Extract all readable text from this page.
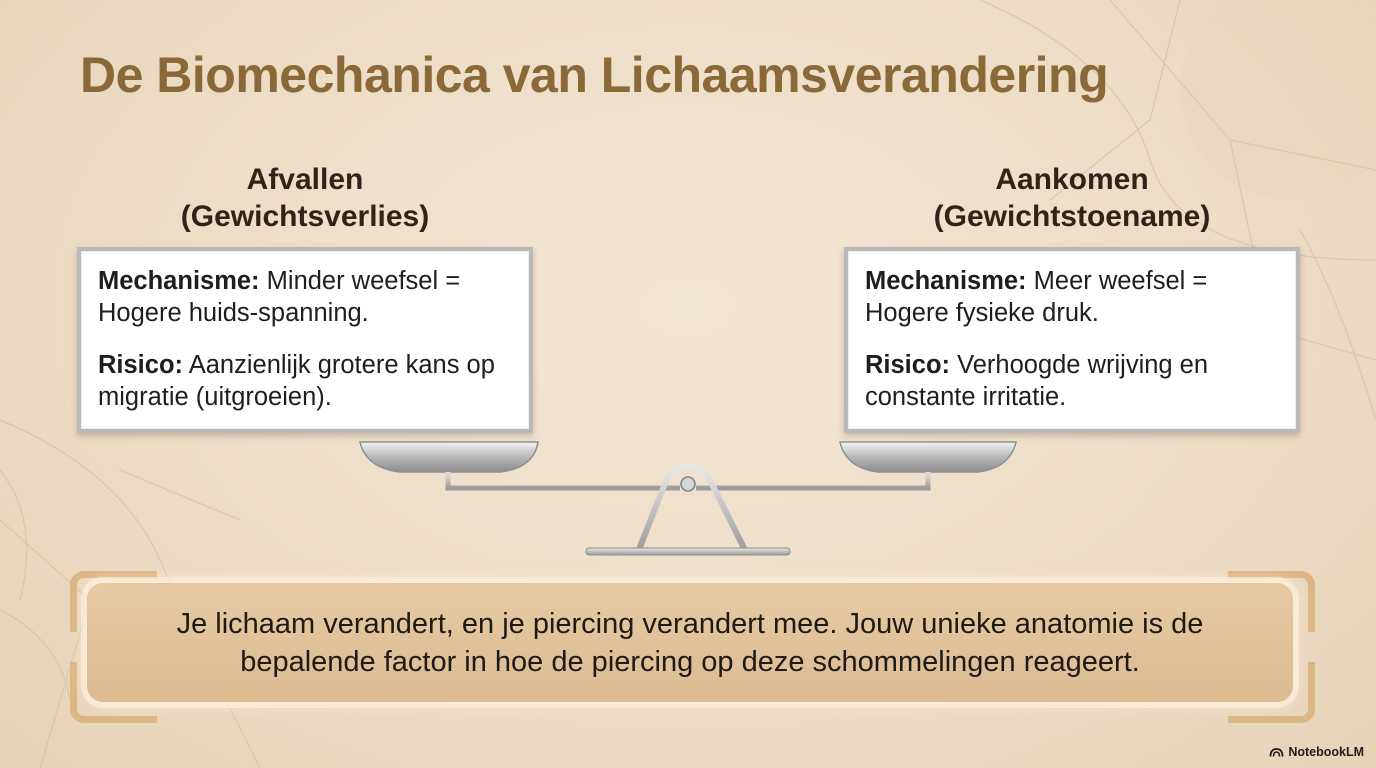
De Biomechanica van Lichaamsverandering
Afvallen
(Gewichtsverlies)
Aankomen
(Gewichtstoename)

Mechanisme: Minder weefsel = Hogere huids-spanning.

Risico: Aanzienlijk grotere kans op migratie (uitgroeien).

Mechanisme: Meer weefsel = Hogere fysieke druk.

Risico: Verhoogde wrijving en constante irritatie.

Je lichaam verandert, en je piercing verandert mee. Jouw unieke anatomie is de bepalende factor in hoe de piercing op deze schommelingen reageert.

NotebookLM
